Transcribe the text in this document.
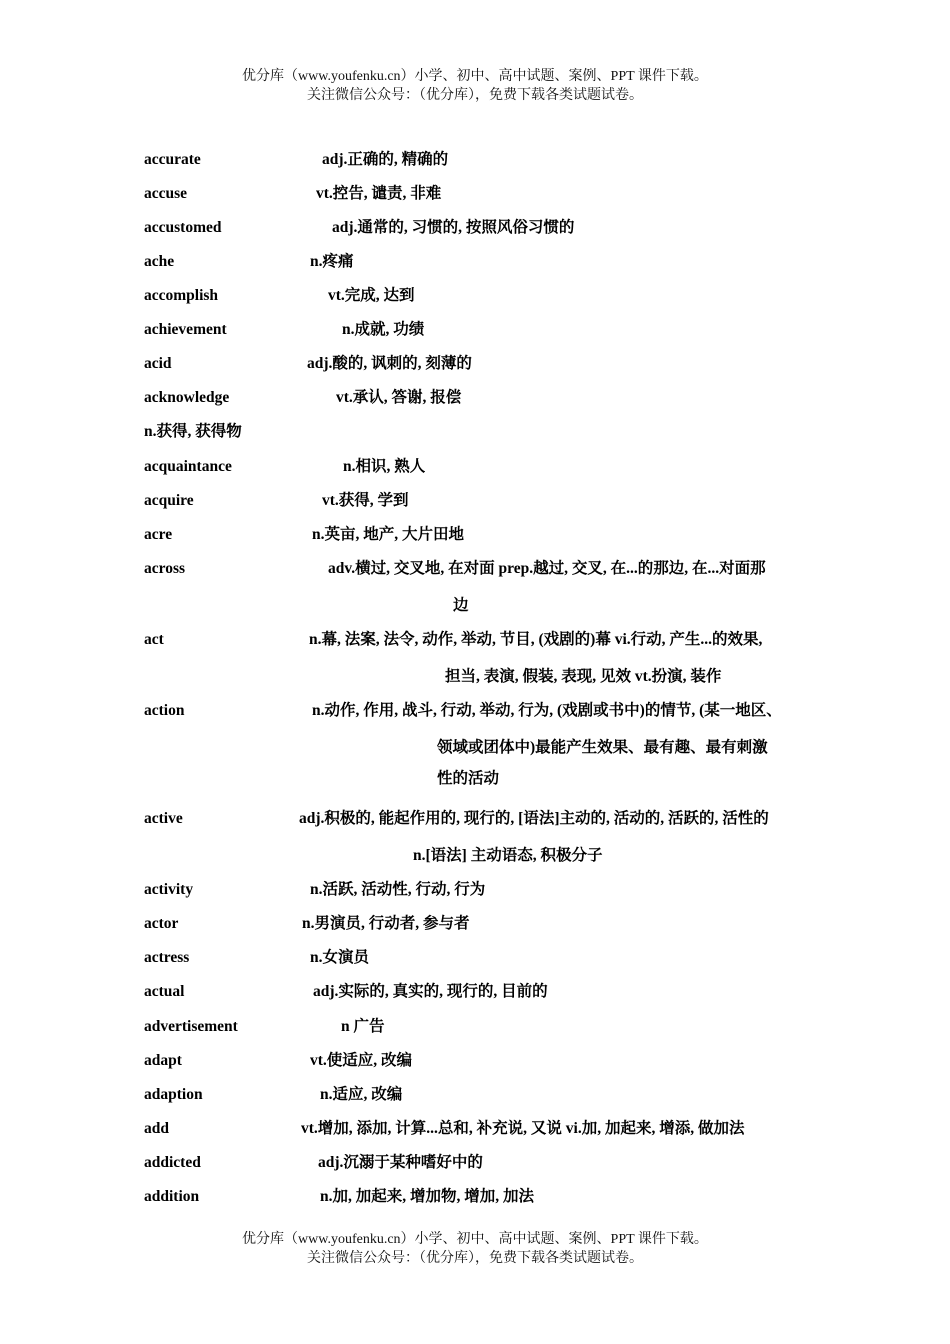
优分库（www.youfenku.cn）小学、初中、高中试题、案例、PPT 课件下载。
关注微信公众号：（优分库），免费下载各类试题试卷。
accurate	adj.正确的, 精确的
accuse	vt.控告, 谴责, 非难
accustomed	adj.通常的, 习惯的, 按照风俗习惯的
ache	n.疼痛
accomplish	vt.完成, 达到
achievement	n.成就, 功绩
acid	adj.酸的, 讽刺的, 刻薄的
acknowledge	vt.承认, 答谢, 报偿
n.获得, 获得物
acquaintance	n.相识, 熟人
acquire	vt.获得, 学到
acre	n.英亩, 地产, 大片田地
across	adv.横过, 交叉地, 在对面 prep.越过, 交叉, 在...的那边, 在...对面那
边
act	n.幕, 法案, 法令, 动作, 举动, 节目, (戏剧的)幕 vi.行动, 产生...的效果,
担当, 表演, 假装, 表现, 见效 vt.扮演, 装作
action	n.动作, 作用, 战斗, 行动, 举动, 行为, (戏剧或书中)的情节, (某一地区、
领域或团体中)最能产生效果、最有趣、最有刺激
性的活动
active	adj.积极的, 能起作用的, 现行的, [语法]主动的, 活动的, 活跃的, 活性的
n.[语法] 主动语态, 积极分子
activity	n.活跃, 活动性, 行动, 行为
actor	n.男演员, 行动者, 参与者
actress	n.女演员
actual	adj.实际的, 真实的, 现行的, 目前的
advertisement	n 广告
adapt	vt.使适应, 改编
adaption	n.适应, 改编
add	vt.增加, 添加, 计算...总和, 补充说, 又说 vi.加, 加起来, 增添, 做加法
addicted	adj.沉溺于某种嗜好中的
addition	n.加, 加起来, 增加物, 增加, 加法
优分库（www.youfenku.cn）小学、初中、高中试题、案例、PPT 课件下载。
关注微信公众号：（优分库），免费下载各类试题试卷。
